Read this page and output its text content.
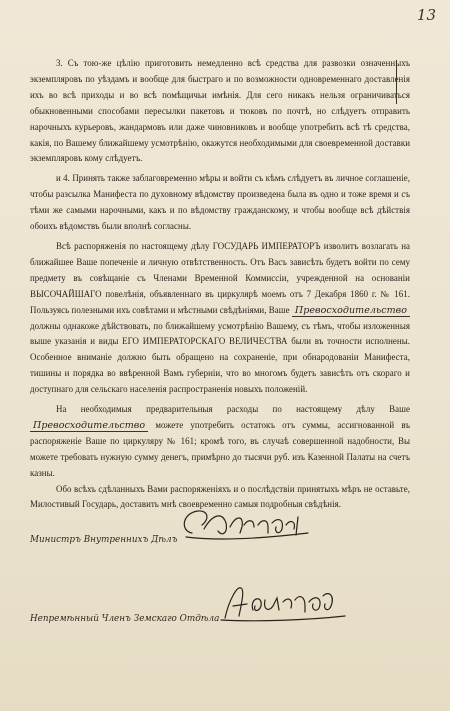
13

3. Съ тою-же цѣлію приготовить немедленно всѣ средства для развозки означенныхъ экземпляровъ по уѣздамъ и вообще для быстраго и по возможности одновременнаго доставленія ихъ во всѣ приходы и во всѣ помѣщичьи имѣнія. Для сего никакъ нельзя ограничиваться обыкновенными способами пересылки пакетовъ и тюковъ по почтѣ, но слѣдуетъ отправить нарочныхъ курьеровъ, жандармовъ или даже чиновниковъ и вообще употребить всѣ тѣ средства, какія, по Вашему ближайшему усмотрѣнію, окажутся необходимыми для своевременной доставки экземпляровъ кому слѣдуетъ.

и 4. Принять также заблаговременно мѣры и войти съ кѣмъ слѣдуетъ въ личное соглашеніе, чтобы разсылка Манифеста по духовному вѣдомству произведена была въ одно и тоже время и съ тѣми же самыми нарочными, какъ и по вѣдомству гражданскому, и чтобы вообще всѣ дѣйствія обоихъ вѣдомствъ были вполнѣ согласны.

Всѣ распоряженія по настоящему дѣлу ГОСУДАРЬ ИМПЕРАТОРЪ изволитъ возлагать на ближайшее Ваше попеченіе и личную отвѣтственность. Отъ Васъ зависѣть будетъ войти по сему предмету въ совѣщаніе съ Членами Временной Коммиссіи, учрежденной на основаніи ВЫСОЧАЙШАГО повелѣнія, объявленнаго въ циркулярѣ моемъ отъ 7 Декабря 1860 г. № 161. Пользуясь полезными ихъ совѣтами и мѣстными свѣдѣніями, Ваше Превосходительство должны однакоже дѣйствовать, по ближайшему усмотрѣнію Вашему, съ тѣмъ, чтобы изложенныя выше указанія и виды ЕГО ИМПЕРАТОРСКАГО ВЕЛИЧЕСТВА были въ точности исполнены. Особенное вниманіе должно быть обращено на сохраненіе, при обнародованіи Манифеста, тишины и порядка во ввѣренной Вамъ губерніи, что во многомъ будетъ зависѣть отъ скораго и доступнаго для сельскаго населенія распространенія новыхъ положеній.

На необходимыя предварительныя расходы по настоящему дѣлу Ваше Превосходительство можете употребить остатокъ отъ суммы, ассигнованной въ распоряженіе Ваше по циркуляру № 161; кромѣ того, въ случаѣ совершенной надобности, Вы можете требовать нужную сумму денегъ, примѣрно до тысячи руб. изъ Казенной Палаты на счетъ казны.

Обо всѣхъ сдѣланныхъ Вами распоряженіяхъ и о послѣдствіи принятыхъ мѣръ не оставьте, Милостивый Государь, доставить мнѣ своевременно самыя подробныя свѣдѣнія.

Министръ Внутреннихъ Дѣлъ
Непремѣнный Членъ Земскаго Отдѣла
